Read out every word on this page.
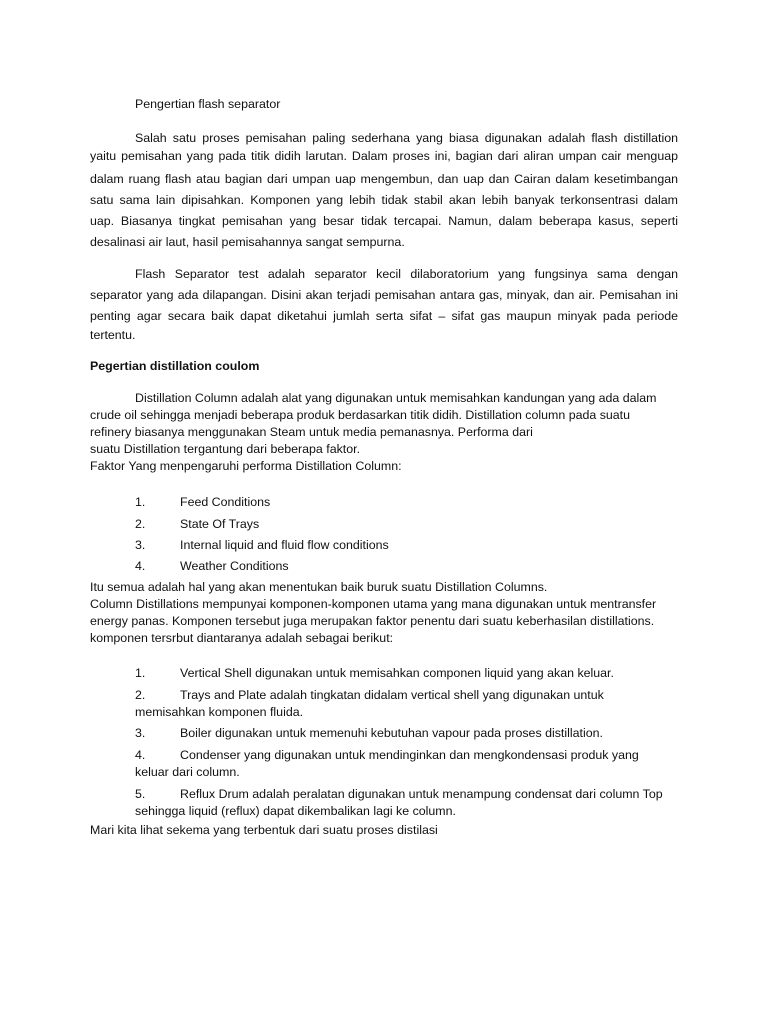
Pengertian flash separator
Salah satu proses pemisahan paling sederhana yang biasa digunakan adalah flash distillation
yaitu pemisahan yang pada titik didih larutan. Dalam proses ini, bagian dari aliran umpan cair menguap
dalam ruang flash atau bagian dari umpan uap mengembun, dan uap dan Cairan dalam kesetimbangan
satu sama lain dipisahkan. Komponen yang lebih tidak stabil akan lebih banyak terkonsentrasi dalam
uap. Biasanya tingkat pemisahan yang besar tidak tercapai. Namun, dalam beberapa kasus, seperti
desalinasi air laut, hasil pemisahannya sangat sempurna.
Flash Separator test adalah separator kecil dilaboratorium yang fungsinya sama dengan
separator yang ada dilapangan. Disini akan terjadi pemisahan antara gas, minyak, dan air. Pemisahan ini
penting agar secara baik dapat diketahui jumlah serta sifat – sifat gas maupun minyak pada periode
tertentu.
Pegertian distillation coulom
Distillation Column adalah alat yang digunakan untuk memisahkan kandungan yang ada dalam
crude oil sehingga menjadi beberapa produk berdasarkan titik didih. Distillation column pada suatu
refinery biasanya menggunakan Steam untuk media pemanasnya. Performa dari
suatu Distillation tergantung dari beberapa faktor.
Faktor Yang menpengaruhi performa Distillation Column:
1.	Feed Conditions
2.	State Of Trays
3.	Internal liquid and fluid flow conditions
4.	Weather Conditions
Itu semua adalah hal yang akan menentukan baik buruk suatu Distillation Columns.
Column Distillations mempunyai komponen-komponen utama yang mana digunakan untuk mentransfer
energy panas. Komponen tersebut juga merupakan faktor penentu dari suatu keberhasilan distillations.
komponen tersrbut diantaranya adalah sebagai berikut:
1.	Vertical Shell digunakan untuk memisahkan componen liquid yang akan keluar.
2.	Trays and Plate adalah tingkatan didalam vertical shell yang digunakan untuk
memisahkan komponen fluida.
3.	Boiler digunakan untuk memenuhi kebutuhan vapour pada proses distillation.
4.	Condenser yang digunakan untuk mendinginkan dan mengkondensasi produk yang
keluar dari column.
5.	Reflux Drum adalah peralatan digunakan untuk menampung condensat dari column Top
sehingga liquid (reflux) dapat dikembalikan lagi ke column.
Mari kita lihat sekema yang terbentuk dari suatu proses distilasi
